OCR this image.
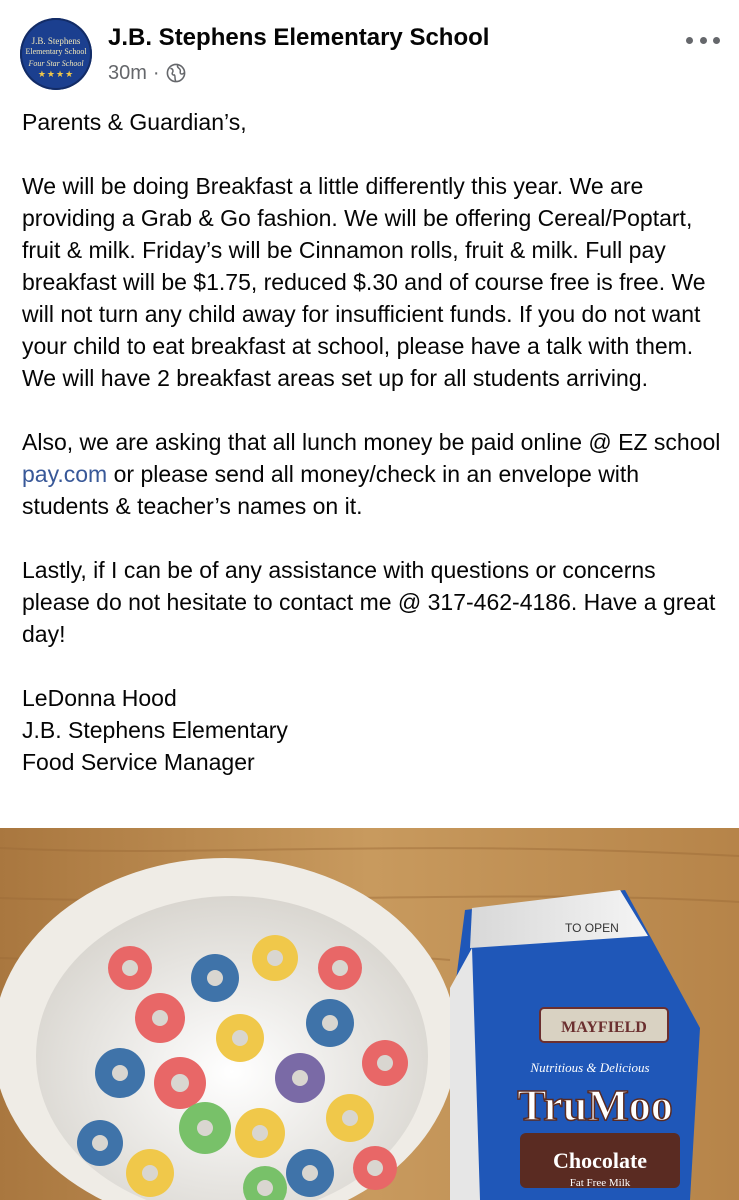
J.B. Stephens
Elementary School
Four Star School
★★★★
J.B. Stephens Elementary School
30m ·

Parents & Guardian’s,

We will be doing Breakfast a little differently this year. We are providing a Grab & Go fashion. We will be offering Cereal/Poptart, fruit & milk. Friday’s will be Cinnamon rolls, fruit & milk. Full pay breakfast will be $1.75, reduced $.30 and of course free is free. We will not turn any child away for insufficient funds. If you do not want your child to eat breakfast at school, please have a talk with them. We will have 2 breakfast areas set up for all students arriving.

Also, we are asking that all lunch money be paid online @ EZ school pay.com or please send all money/check in an envelope with students & teacher’s names on it.

Lastly, if I can be of any assistance with questions or concerns please do not hesitate to contact me @ 317-462-4186. Have a great day!

LeDonna Hood

J.B. Stephens Elementary

Food Service Manager

TO OPEN
MAYFIELD
Nutritious & Delicious
TruMoo
Chocolate
Fat Free Milk
